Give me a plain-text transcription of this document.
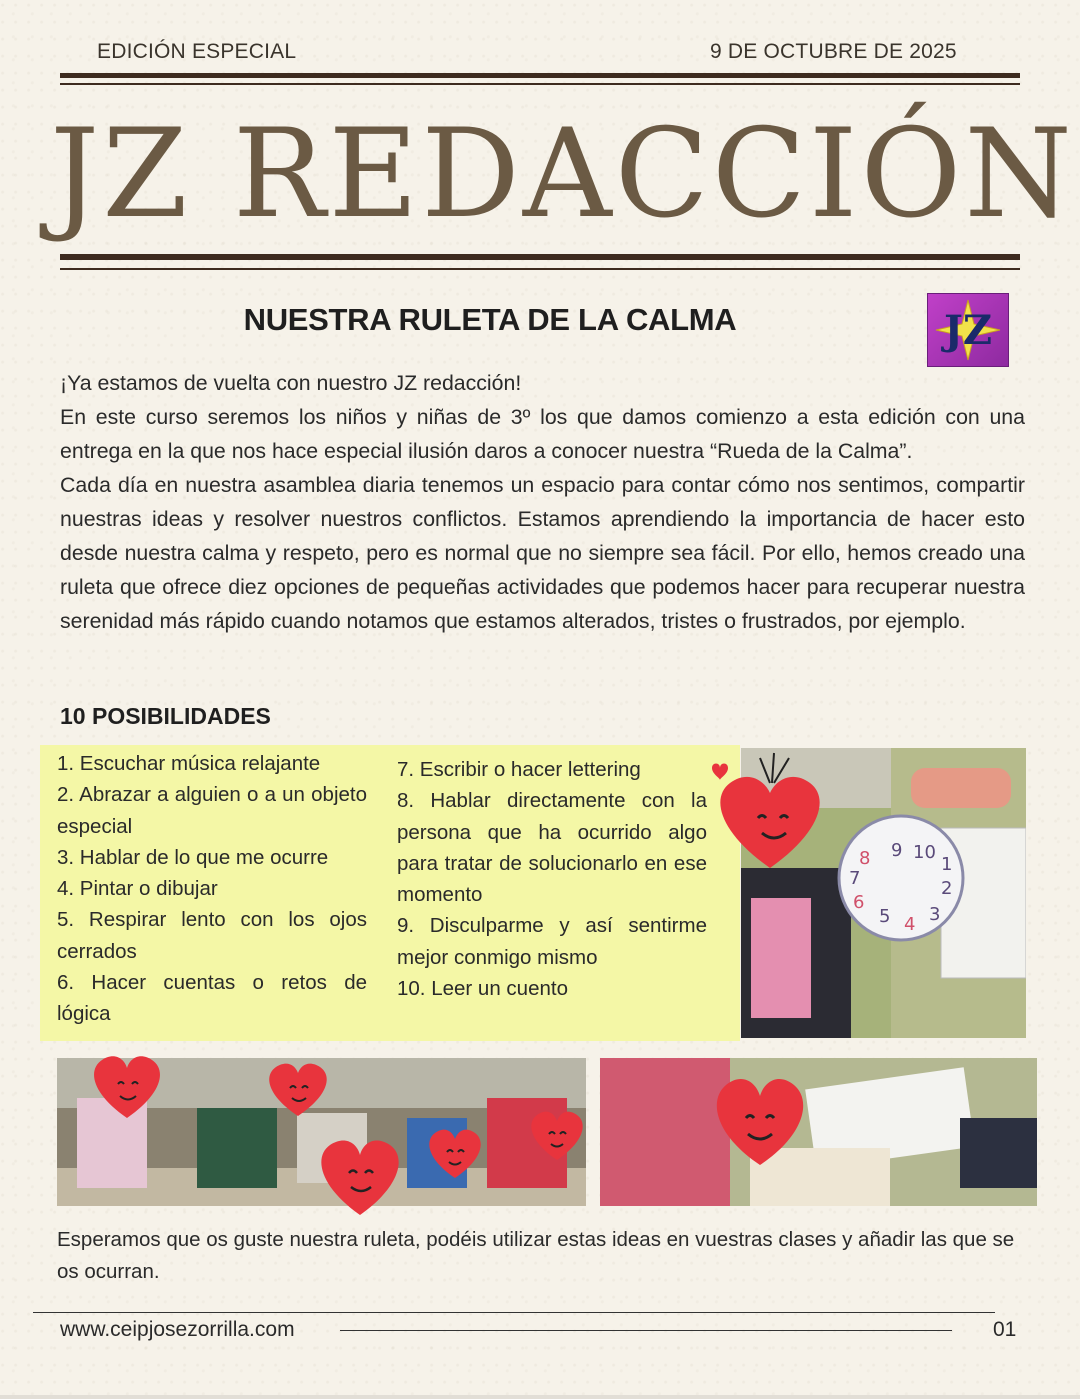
EDICIÓN ESPECIAL	9 DE OCTUBRE DE 2025
JZ REDACCIÓN
NUESTRA RULETA DE LA CALMA	JZ

¡Ya estamos de vuelta con nuestro JZ redacción!

En este curso seremos los niños y niñas de 3º los que damos comienzo a esta edición con una entrega en la que nos hace especial ilusión daros a conocer nuestra “Rueda de la Calma”.

Cada día en nuestra asamblea diaria tenemos un espacio para contar cómo nos sentimos, compartir nuestras ideas y resolver nuestros conflictos. Estamos aprendiendo la importancia de hacer esto desde nuestra calma y respeto, pero es normal que no siempre sea fácil. Por ello, hemos creado una ruleta que ofrece diez opciones de pequeñas actividades que podemos hacer para recuperar nuestra serenidad más rápido cuando notamos que estamos alterados, tristes o frustrados, por ejemplo.

10 POSIBILIDADES

1. Escuchar música relajante

2. Abrazar a alguien o a un objeto especial

3. Hablar de lo que me ocurre

4. Pintar o dibujar

5. Respirar lento con los ojos cerrados

6. Hacer cuentas o retos de lógica

7. Escribir o hacer lettering

8. Hablar directamente con la persona que ha ocurrido algo para tratar de solucionarlo en ese momento

9. Disculparme y así sentirme mejor conmigo mismo

10. Leer un cuento

9 10
1
2
3
4
5
6
7
8
Esperamos que os guste nuestra ruleta, podéis utilizar estas ideas en vuestras clases y añadir las que se os ocurran.
www.ceipjosezorrilla.com	01
